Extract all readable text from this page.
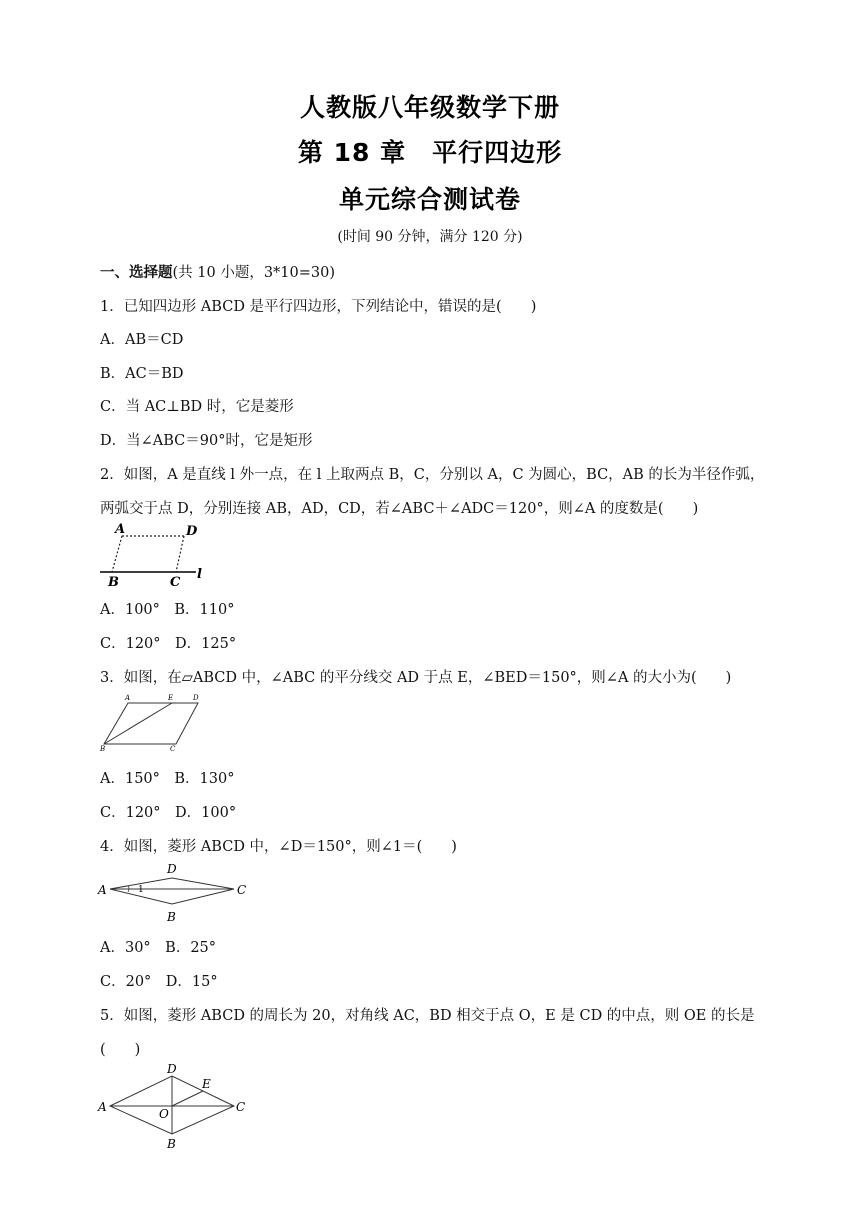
人教版八年级数学下册
第 18 章　平行四边形
单元综合测试卷
(时间 90 分钟，满分 120 分)
一、选择题(共 10 小题，3*10=30)
1．已知四边形 ABCD 是平行四边形，下列结论中，错误的是(　　)
A．AB＝CD
B．AC＝BD
C．当 AC⊥BD 时，它是菱形
D．当∠ABC＝90°时，它是矩形
2．如图，A 是直线 l 外一点，在 l 上取两点 B，C，分别以 A，C 为圆心，BC，AB 的长为半径作弧，
两弧交于点 D，分别连接 AB，AD，CD，若∠ABC＋∠ADC＝120°，则∠A 的度数是(　　)
A	D
B	C
l
A．100°　B．110°
C．120°　D．125°
3．如图，在▱ABCD 中，∠ABC 的平分线交 AD 于点 E，∠BED＝150°，则∠A 的大小为(　　)
A	E	D
B	C
A．150°　B．130°
C．120°　D．100°
4．如图，菱形 ABCD 中，∠D＝150°，则∠1＝(　　)
A
D
C
B
1
A．30°　B．25°
C．20°　D．15°
5．如图，菱形 ABCD 的周长为 20，对角线 AC，BD 相交于点 O，E 是 CD 的中点，则 OE 的长是
(　　)
A
D
E
C
O
B
